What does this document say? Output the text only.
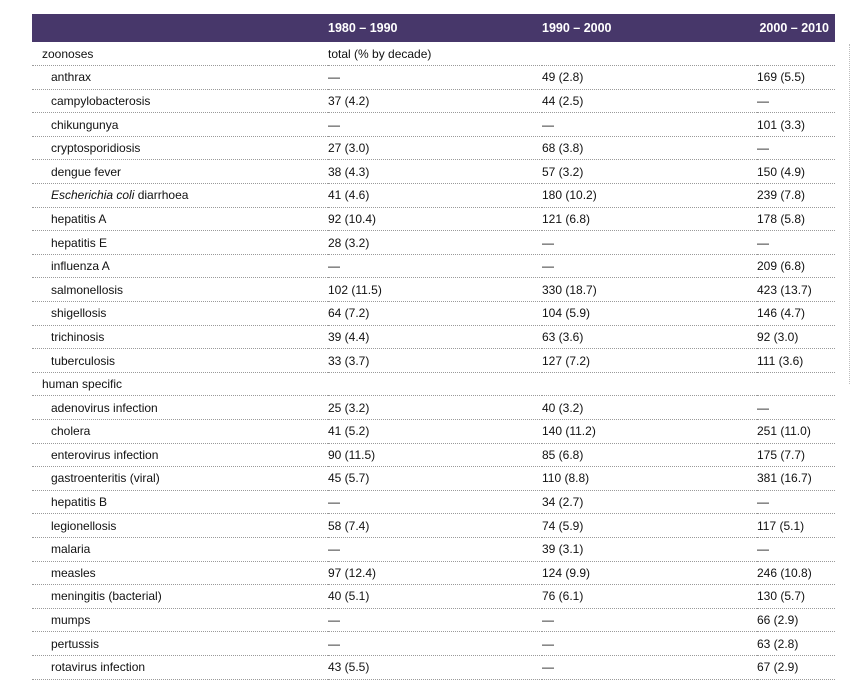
	1980 – 1990	1990 – 2000	2000 – 2010
zoonoses	total (% by decade)		
anthrax	—	49 (2.8)	169 (5.5)
campylobacterosis	37 (4.2)	44 (2.5)	—
chikungunya	—	—	101 (3.3)
cryptosporidiosis	27 (3.0)	68 (3.8)	—
dengue fever	38 (4.3)	57 (3.2)	150 (4.9)
Escherichia coli diarrhoea	41 (4.6)	180 (10.2)	239 (7.8)
hepatitis A	92 (10.4)	121 (6.8)	178 (5.8)
hepatitis E	28 (3.2)	—	—
influenza A	—	—	209 (6.8)
salmonellosis	102 (11.5)	330 (18.7)	423 (13.7)
shigellosis	64 (7.2)	104 (5.9)	146 (4.7)
trichinosis	39 (4.4)	63 (3.6)	92 (3.0)
tuberculosis	33 (3.7)	127 (7.2)	111 (3.6)
human specific			
adenovirus infection	25 (3.2)	40 (3.2)	—
cholera	41 (5.2)	140 (11.2)	251 (11.0)
enterovirus infection	90 (11.5)	85 (6.8)	175 (7.7)
gastroenteritis (viral)	45 (5.7)	110 (8.8)	381 (16.7)
hepatitis B	—	34 (2.7)	—
legionellosis	58 (7.4)	74 (5.9)	117 (5.1)
malaria	—	39 (3.1)	—
measles	97 (12.4)	124 (9.9)	246 (10.8)
meningitis (bacterial)	40 (5.1)	76 (6.1)	130 (5.7)
mumps	—	—	66 (2.9)
pertussis	—	—	63 (2.8)
rotavirus infection	43 (5.5)	—	67 (2.9)
